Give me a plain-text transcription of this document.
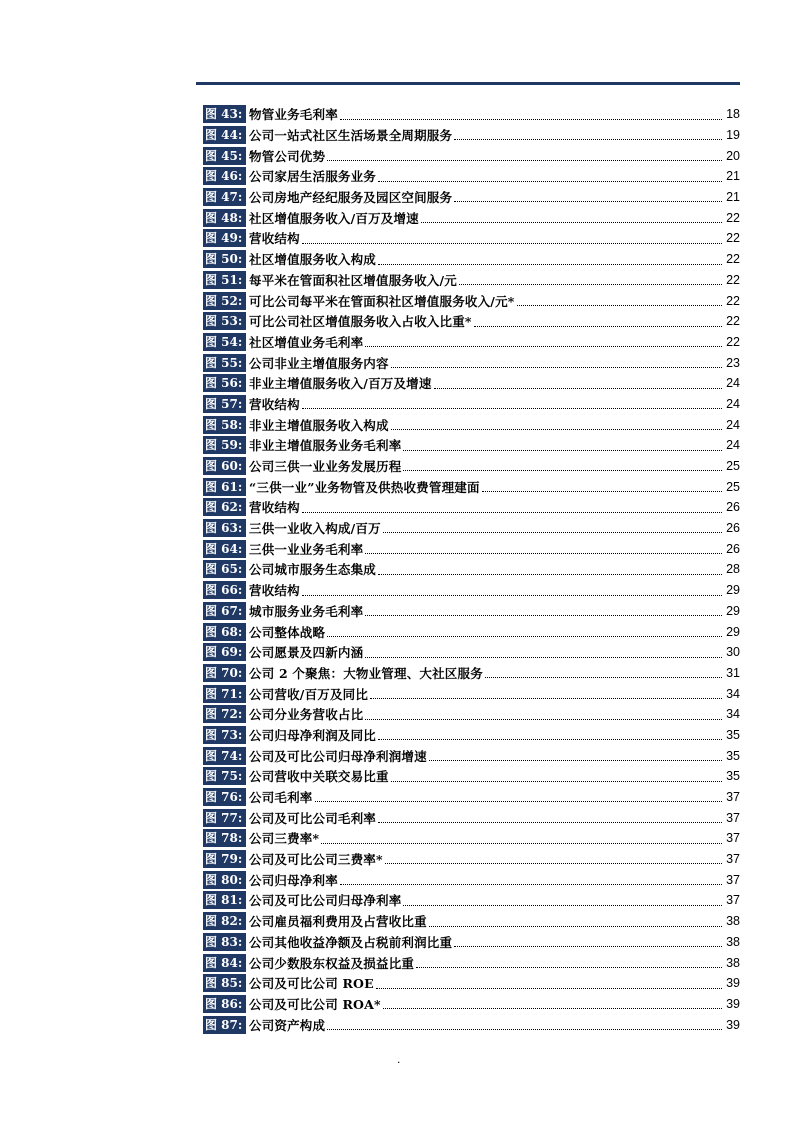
图 43: 物管业务毛利率	18
图 44: 公司一站式社区生活场景全周期服务	19
图 45: 物管公司优势	20
图 46: 公司家居生活服务业务	21
图 47: 公司房地产经纪服务及园区空间服务	21
图 48: 社区增值服务收入/百万及增速	22
图 49: 营收结构	22
图 50: 社区增值服务收入构成	22
图 51: 每平米在管面积社区增值服务收入/元	22
图 52: 可比公司每平米在管面积社区增值服务收入/元*	22
图 53: 可比公司社区增值服务收入占收入比重*	22
图 54: 社区增值业务毛利率	22
图 55: 公司非业主增值服务内容	23
图 56: 非业主增值服务收入/百万及增速	24
图 57: 营收结构	24
图 58: 非业主增值服务收入构成	24
图 59: 非业主增值服务业务毛利率	24
图 60: 公司三供一业业务发展历程	25
图 61: “三供一业”业务物管及供热收费管理建面	25
图 62: 营收结构	26
图 63: 三供一业收入构成/百万	26
图 64: 三供一业业务毛利率	26
图 65: 公司城市服务生态集成	28
图 66: 营收结构	29
图 67: 城市服务业务毛利率	29
图 68: 公司整体战略	29
图 69: 公司愿景及四新内涵	30
图 70: 公司 2 个聚焦：大物业管理、大社区服务	31
图 71: 公司营收/百万及同比	34
图 72: 公司分业务营收占比	34
图 73: 公司归母净利润及同比	35
图 74: 公司及可比公司归母净利润增速	35
图 75: 公司营收中关联交易比重	35
图 76: 公司毛利率	37
图 77: 公司及可比公司毛利率	37
图 78: 公司三费率*	37
图 79: 公司及可比公司三费率*	37
图 80: 公司归母净利率	37
图 81: 公司及可比公司归母净利率	37
图 82: 公司雇员福利费用及占营收比重	38
图 83: 公司其他收益净额及占税前利润比重	38
图 84: 公司少数股东权益及损益比重	38
图 85: 公司及可比公司 ROE	39
图 86: 公司及可比公司 ROA*	39
图 87: 公司资产构成	39
.
